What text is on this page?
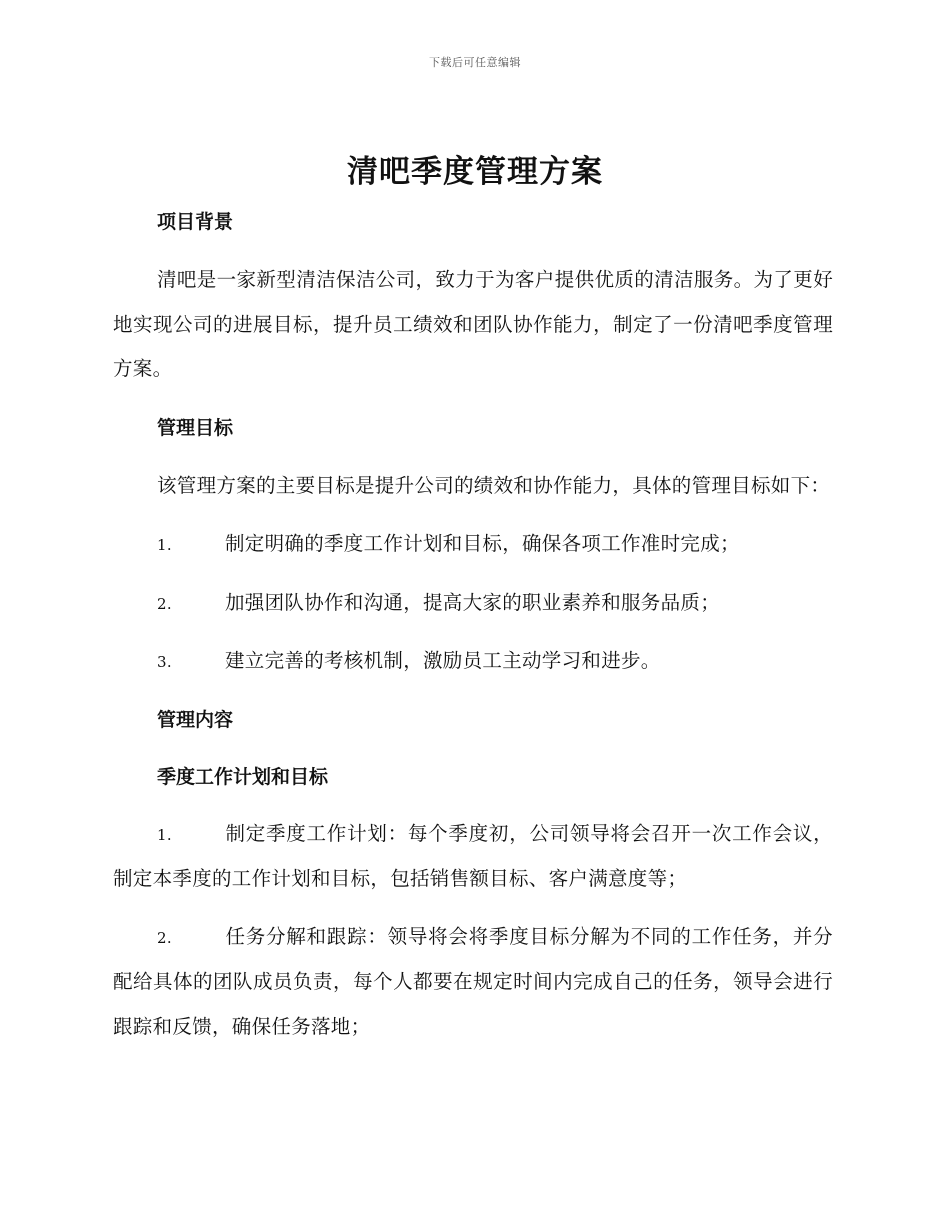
下载后可任意编辑
清吧季度管理方案
项目背景

清吧是一家新型清洁保洁公司，致力于为客户提供优质的清洁服务。为了更好地实现公司的进展目标，提升员工绩效和团队协作能力，制定了一份清吧季度管理方案。

管理目标

该管理方案的主要目标是提升公司的绩效和协作能力，具体的管理目标如下：

1.	制定明确的季度工作计划和目标，确保各项工作准时完成；

2.	加强团队协作和沟通，提高大家的职业素养和服务品质；

3.	建立完善的考核机制，激励员工主动学习和进步。

管理内容
季度工作计划和目标

1.	制定季度工作计划：每个季度初，公司领导将会召开一次工作会议，制定本季度的工作计划和目标，包括销售额目标、客户满意度等；

2.	任务分解和跟踪：领导将会将季度目标分解为不同的工作任务，并分配给具体的团队成员负责，每个人都要在规定时间内完成自己的任务，领导会进行跟踪和反馈，确保任务落地；
